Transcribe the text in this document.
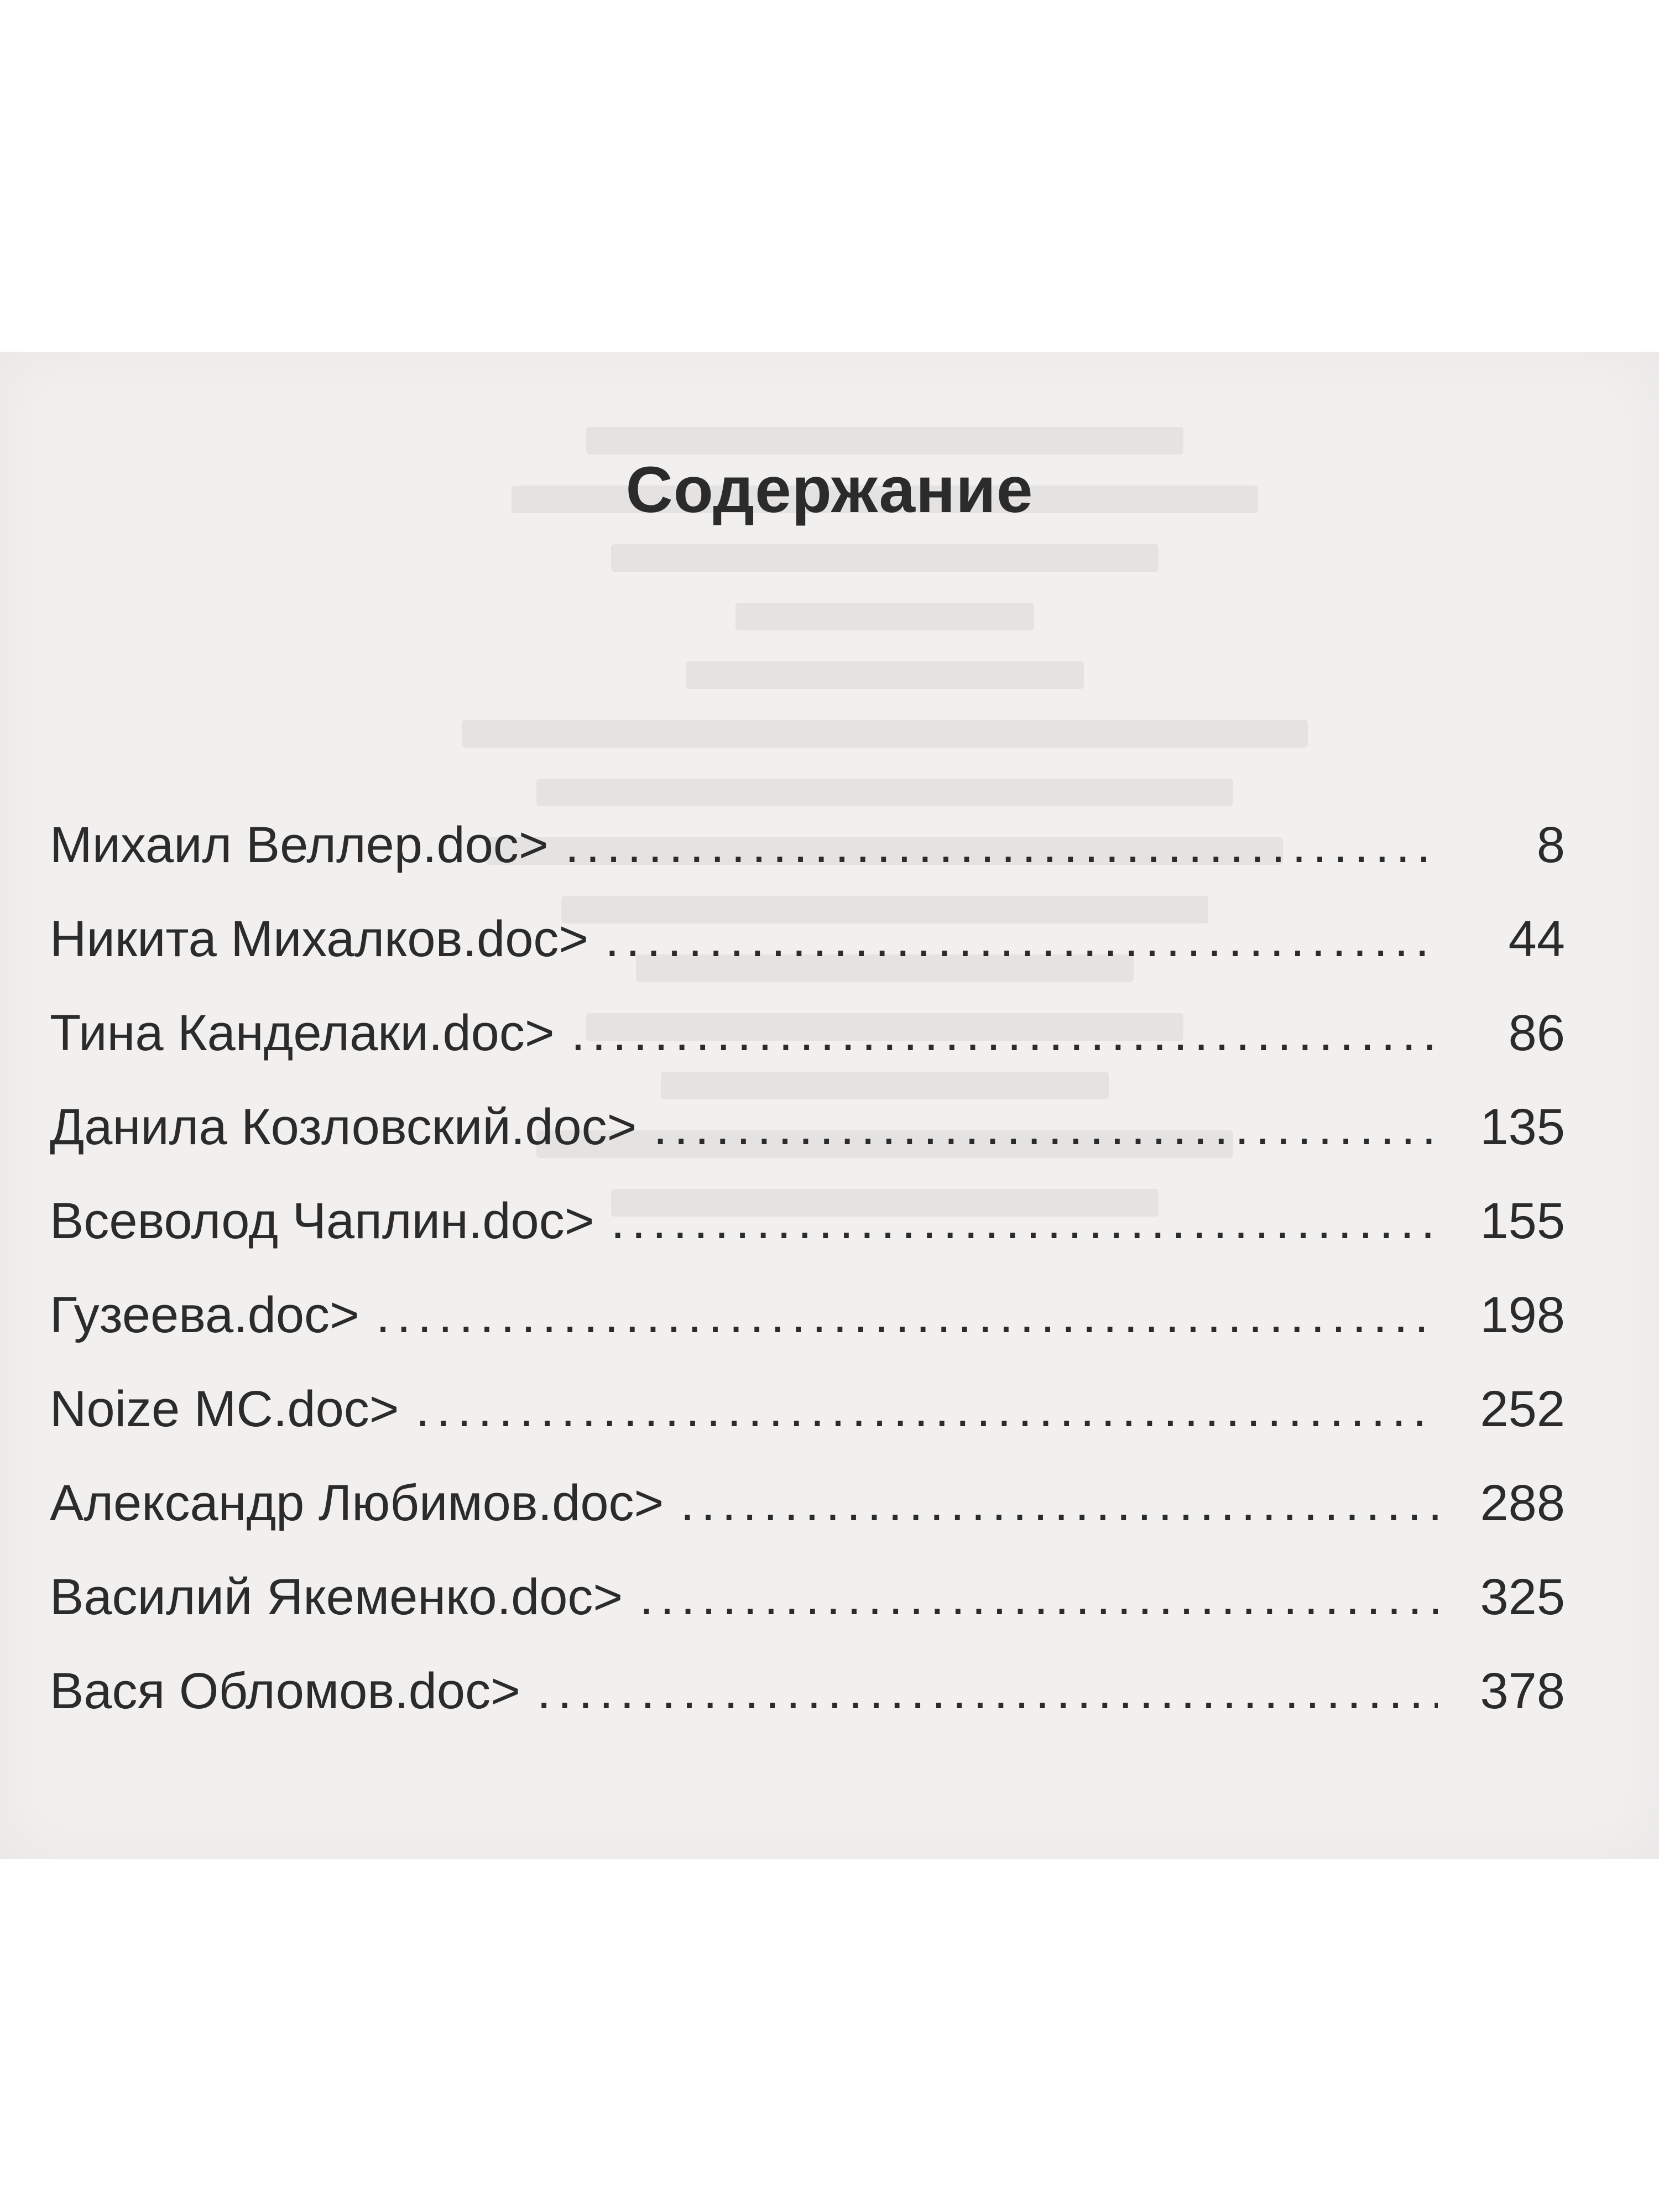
Содержание
Михаил Веллер.doc> .....	8
Никита Михалков.doc> .....	44
Тина Канделаки.doc> .....	86
Данила Козловский.doc> .....	135
Всеволод Чаплин.doc> .....	155
Гузеева.doc> .....	198
Noize MC.doc> .....	252
Александр Любимов.doc> .....	288
Василий Якеменко.doc> .....	325
Вася Обломов.doc> .....	378
